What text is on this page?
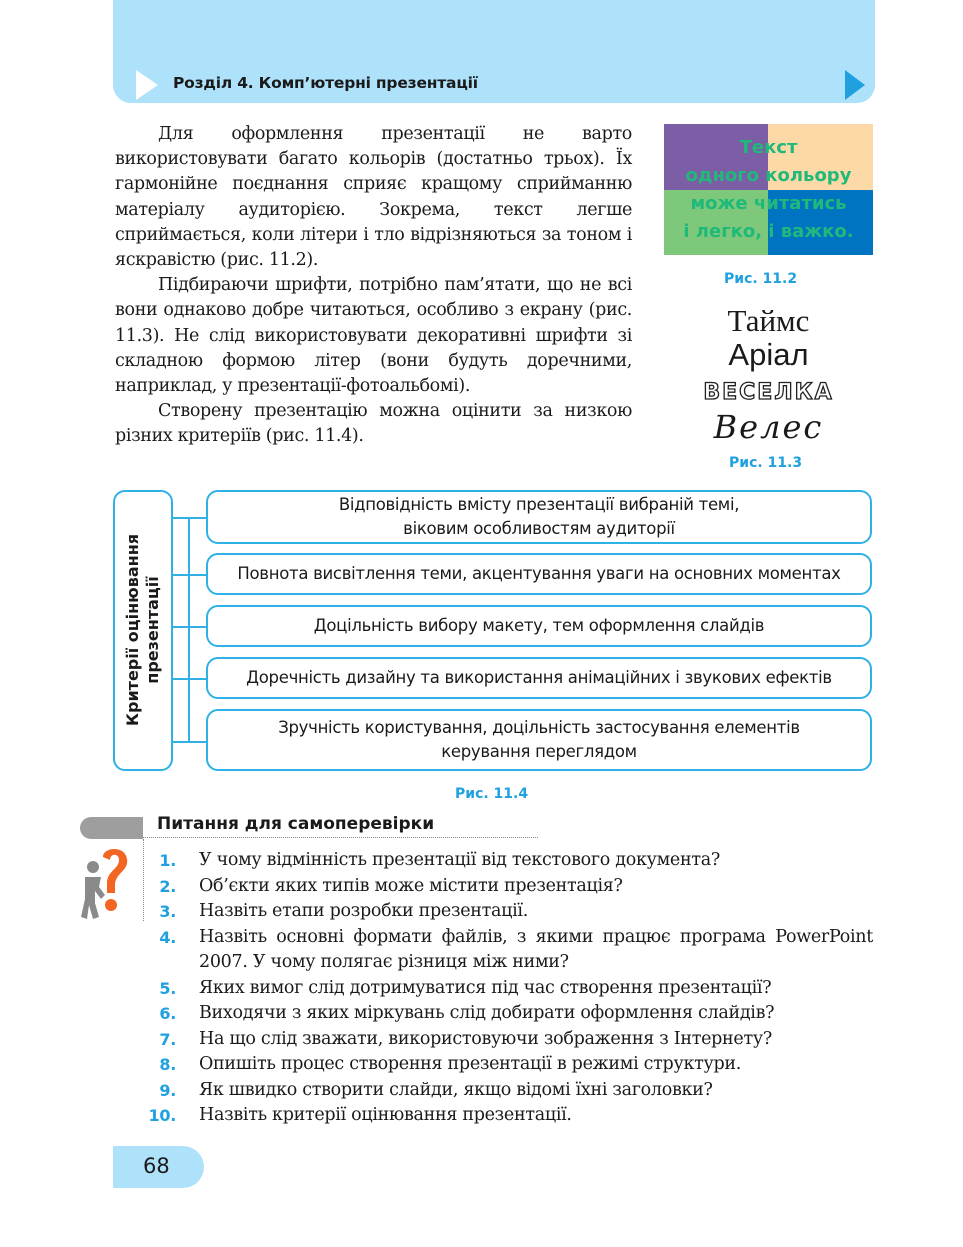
Розділ 4. Комп’ютерні презентації

Для оформлення презентації не варто використовувати багато кольорів (достатньо трьох). Їх гармонійне поєднання сприяє кращому сприйманню матеріалу аудиторією. Зокрема, текст легше сприймається, коли літери і тло відрізняються за тоном і яскравістю (рис. 11.2).

Підбираючи шрифти, потрібно пам’ятати, що не всі вони однаково добре читаються, особливо з екрану (рис. 11.3). Не слід використовувати декоративні шрифти зі складною формою літер (вони будуть доречними, наприклад, у презентації-фотоальбомі).

Створену презентацію можна оцінити за низкою різних критеріїв (рис. 11.4).

Текст
одного кольору
може читатись
і легко, і важко.
Рис. 11.2
Таймс
Аріал
ВЕСЕЛКА
Велес
Рис. 11.3
Критерії оцінювання презентації
Відповідність вмісту презентації вибраній темі,
віковим особливостям аудиторії
Повнота висвітлення теми, акцентування уваги на основних моментах
Доцільність вибору макету, тем оформлення слайдів
Доречність дизайну та використання анімаційних і звукових ефектів
Зручність користування, доцільність застосування елементів
керування переглядом
Рис. 11.4
Питання для самоперевірки
1. У чому відмінність презентації від текстового документа?
2. Об’єкти яких типів може містити презентація?
3. Назвіть етапи розробки презентації.
4. Назвіть основні формати файлів, з якими працює програма PowerPoint 2007. У чому полягає різниця між ними?
5. Яких вимог слід дотримуватися під час створення презентації?
6. Виходячи з яких міркувань слід добирати оформлення слайдів?
7. На що слід зважати, використовуючи зображення з Інтернету?
8. Опишіть процес створення презентації в режимі структури.
9. Як швидко створити слайди, якщо відомі їхні заголовки?
10. Назвіть критерії оцінювання презентації.
68
